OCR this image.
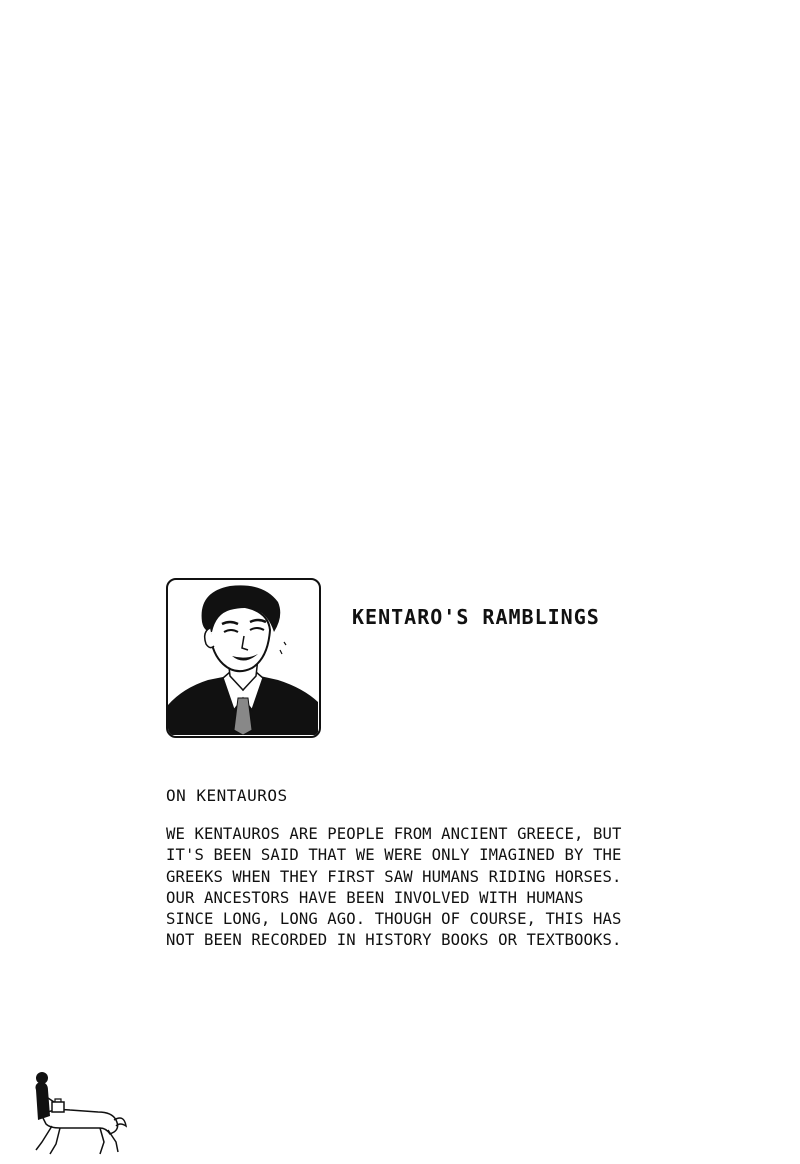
KENTARO'S RAMBLINGS
ON KENTAUROS
WE KENTAUROS ARE PEOPLE FROM ANCIENT GREECE, BUT
IT'S BEEN SAID THAT WE WERE ONLY IMAGINED BY THE
GREEKS WHEN THEY FIRST SAW HUMANS RIDING HORSES.
OUR ANCESTORS HAVE BEEN INVOLVED WITH HUMANS
SINCE LONG, LONG AGO. THOUGH OF COURSE, THIS HAS
NOT BEEN RECORDED IN HISTORY BOOKS OR TEXTBOOKS.
